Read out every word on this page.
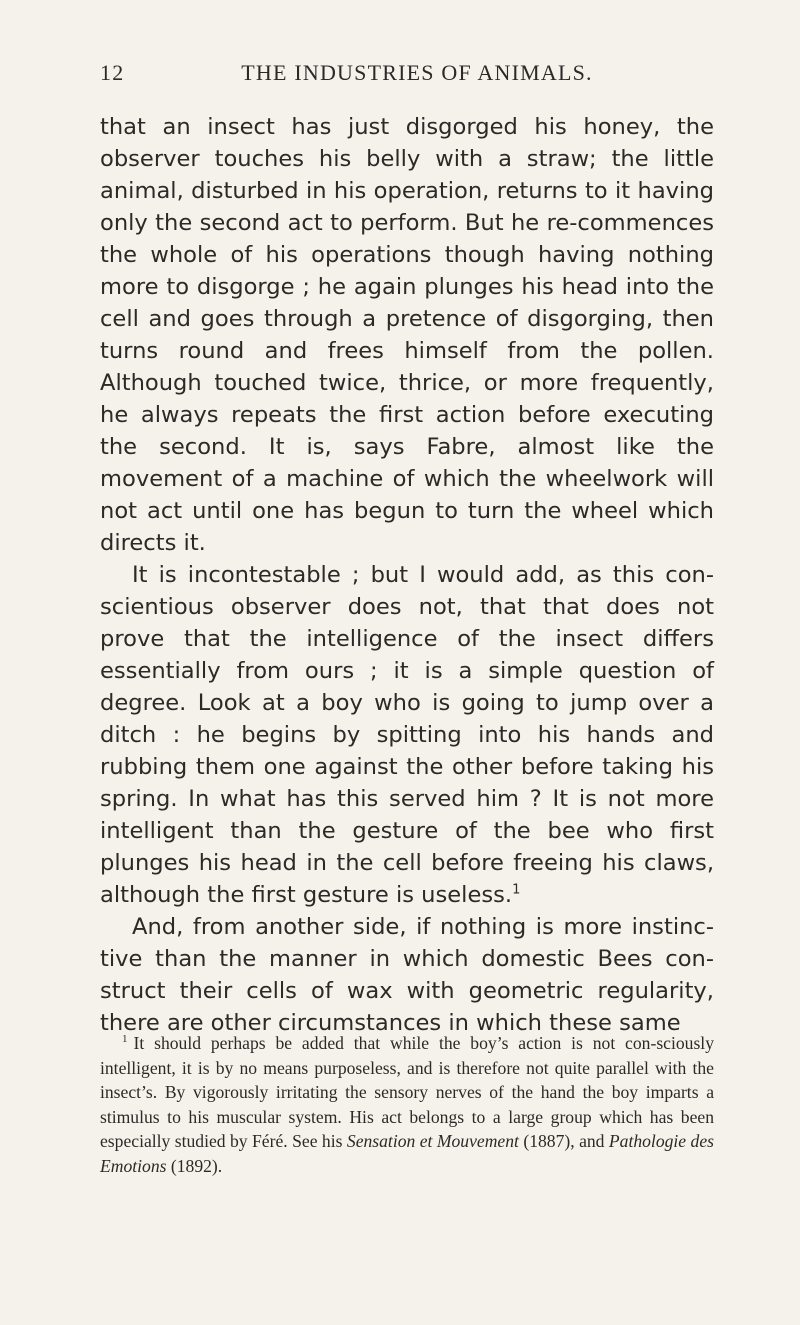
12	THE INDUSTRIES OF ANIMALS.

that an insect has just disgorged his honey, the observer touches his belly with a straw; the little animal, disturbed in his operation, returns to it having only the second act to perform. But he re-commences the whole of his operations though having nothing more to disgorge ; he again plunges his head into the cell and goes through a pretence of disgorging, then turns round and frees himself from the pollen. Although touched twice, thrice, or more frequently, he always repeats the first action before executing the second. It is, says Fabre, almost like the movement of a machine of which the wheelwork will not act until one has begun to turn the wheel which directs it.

It is incontestable ; but I would add, as this con-scientious observer does not, that that does not prove that the intelligence of the insect differs essentially from ours ; it is a simple question of degree. Look at a boy who is going to jump over a ditch : he begins by spitting into his hands and rubbing them one against the other before taking his spring. In what has this served him ? It is not more intelligent than the gesture of the bee who first plunges his head in the cell before freeing his claws, although the first gesture is useless.$^1$

And, from another side, if nothing is more instinc-tive than the manner in which domestic Bees con-struct their cells of wax with geometric regularity, there are other circumstances in which these same

$^1$ It should perhaps be added that while the boy’s action is not con-sciously intelligent, it is by no means purposeless, and is therefore not quite parallel with the insect’s. By vigorously irritating the sensory nerves of the hand the boy imparts a stimulus to his muscular system. His act belongs to a large group which has been especially studied by Féré. See his Sensation et Mouvement (1887), and Pathologie des Emotions (1892).
